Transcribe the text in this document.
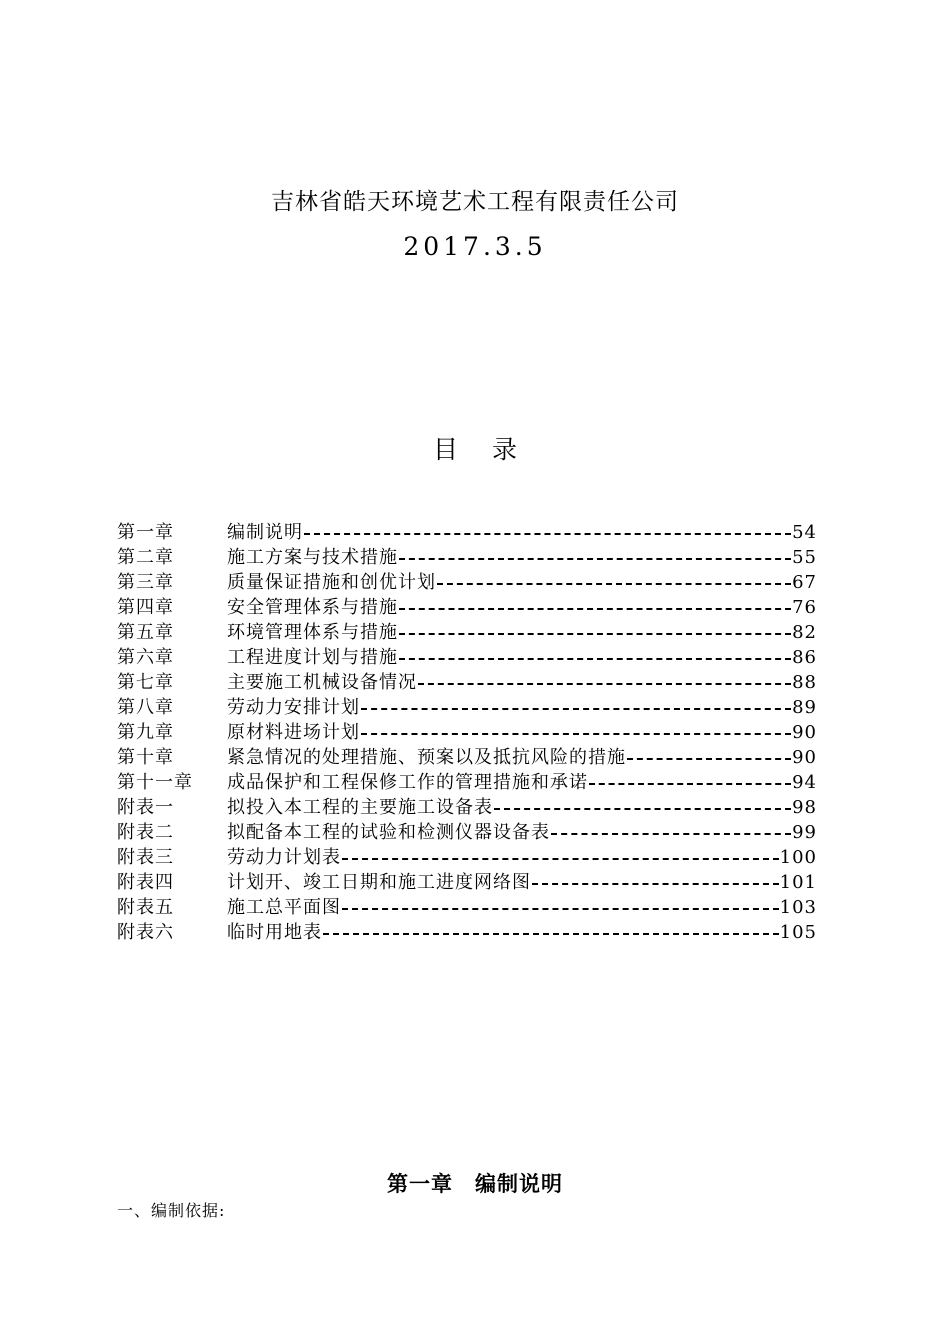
吉林省皓天环境艺术工程有限责任公司
2017.3.5
目录
第一章	编制说明	54
第二章	施工方案与技术措施	55
第三章	质量保证措施和创优计划	67
第四章	安全管理体系与措施	76
第五章	环境管理体系与措施	82
第六章	工程进度计划与措施	86
第七章	主要施工机械设备情况	88
第八章	劳动力安排计划	89
第九章	原材料进场计划	90
第十章	紧急情况的处理措施、预案以及抵抗风险的措施	90
第十一章	成品保护和工程保修工作的管理措施和承诺	94
附表一	拟投入本工程的主要施工设备表	98
附表二	拟配备本工程的试验和检测仪器设备表	99
附表三	劳动力计划表	100
附表四	计划开、竣工日期和施工进度网络图	101
附表五	施工总平面图	103
附表六	临时用地表	105
第一章　编制说明
一、编制依据:
